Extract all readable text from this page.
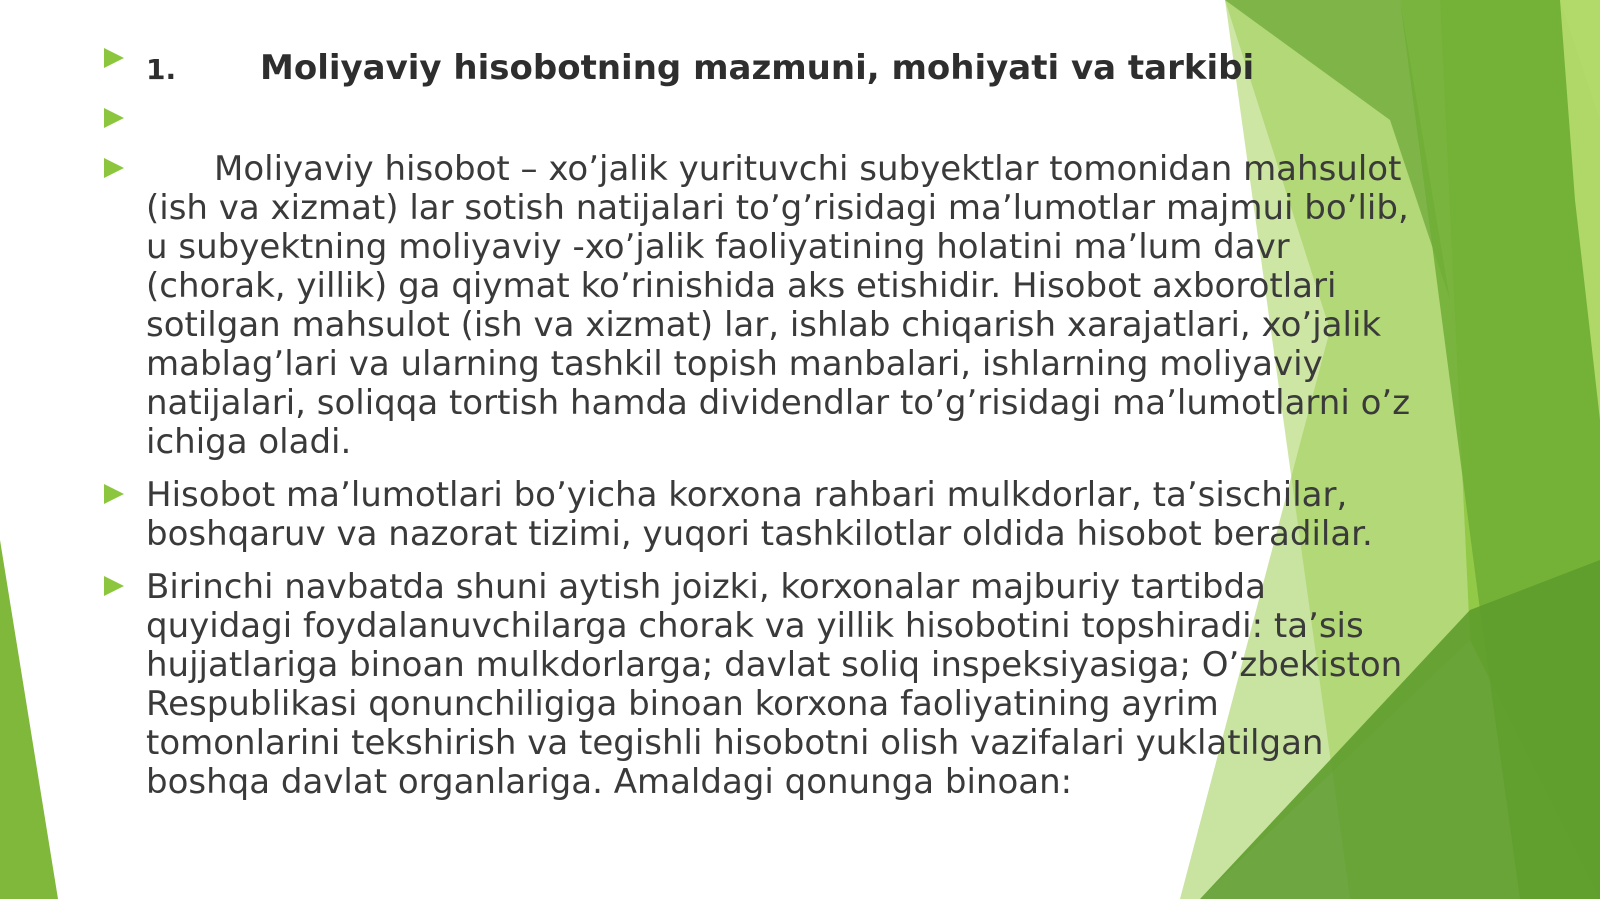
1. Moliyaviy hisobotning mazmuni, mohiyati va tarkibi
Moliyaviy hisobot – xo’jalik yurituvchi subyektlar tomonidan mahsulot (ish va xizmat) lar sotish natijalari to’g’risidagi ma’lumotlar majmui bo’lib, u subyektning moliyaviy -xo’jalik faoliyatining holatini ma’lum davr (chorak, yillik) ga qiymat ko’rinishida aks etishidir. Hisobot axborotlari sotilgan mahsulot (ish va xizmat) lar, ishlab chiqarish xarajatlari, xo’jalik mablag’lari va ularning tashkil topish manbalari, ishlarning moliyaviy natijalari, soliqqa tortish hamda dividendlar to’g’risidagi ma’lumotlarni o’z ichiga oladi.
Hisobot ma’lumotlari bo’yicha korxona rahbari mulkdorlar, ta’sischilar, boshqaruv va nazorat tizimi, yuqori tashkilotlar oldida hisobot beradilar.
Birinchi navbatda shuni aytish joizki, korxonalar majburiy tartibda quyidagi foydalanuvchilarga chorak va yillik hisobotini topshiradi: ta’sis hujjatlariga binoan mulkdorlarga; davlat soliq inspeksiyasiga; O’zbekiston Respublikasi qonunchiligiga binoan korxona faoliyatining ayrim tomonlarini tekshirish va tegishli hisobotni olish vazifalari yuklatilgan boshqa davlat organlariga. Amaldagi qonunga binoan:
